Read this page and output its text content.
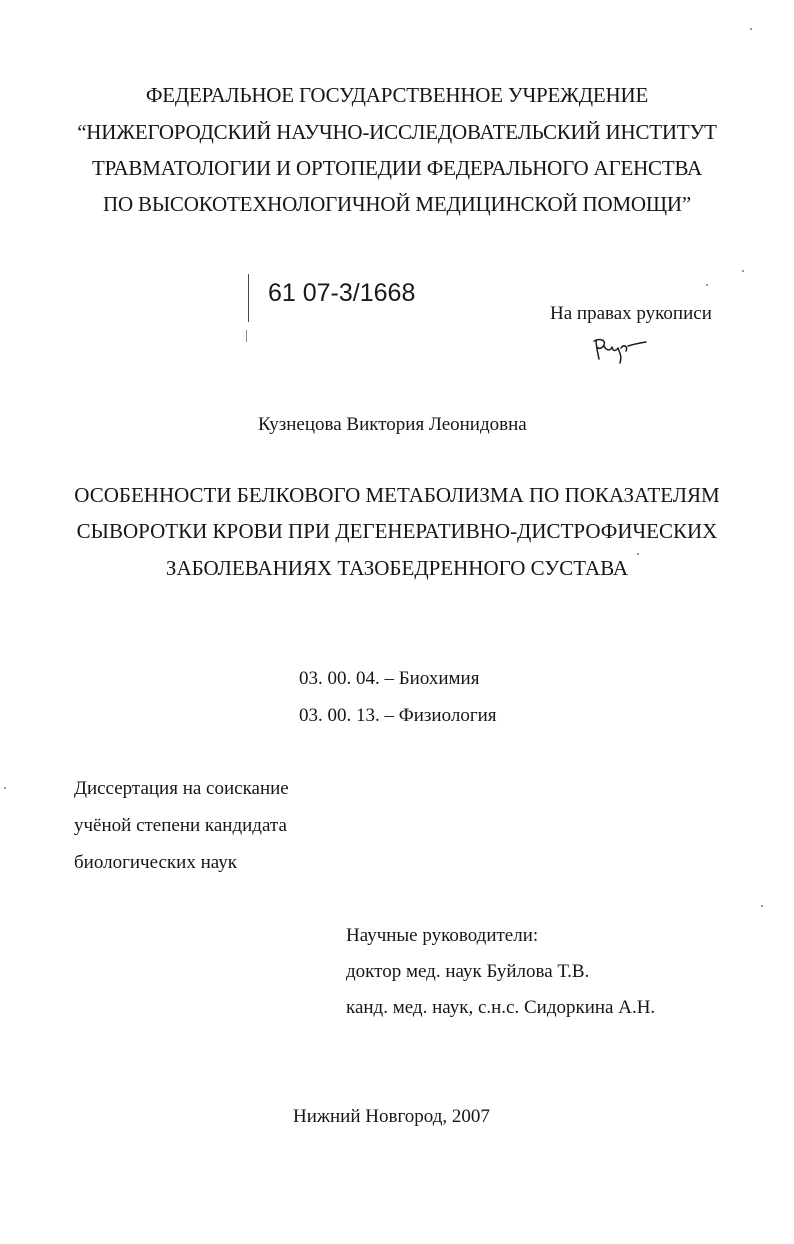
ФЕДЕРАЛЬНОЕ ГОСУДАРСТВЕННОЕ УЧРЕЖДЕНИЕ
“НИЖЕГОРОДСКИЙ НАУЧНО-ИССЛЕДОВАТЕЛЬСКИЙ ИНСТИТУТ
ТРАВМАТОЛОГИИ И ОРТОПЕДИИ ФЕДЕРАЛЬНОГО АГЕНСТВА
ПО ВЫСОКОТЕХНОЛОГИЧНОЙ МЕДИЦИНСКОЙ ПОМОЩИ”
61 07-3/1668
На правах рукописи
Кузнецова Виктория Леонидовна
ОСОБЕННОСТИ БЕЛКОВОГО МЕТАБОЛИЗМА ПО ПОКАЗАТЕЛЯМ
СЫВОРОТКИ КРОВИ ПРИ ДЕГЕНЕРАТИВНО-ДИСТРОФИЧЕСКИХ
ЗАБОЛЕВАНИЯХ ТАЗОБЕДРЕННОГО СУСТАВА
03. 00. 04. – Биохимия
03. 00. 13. – Физиология
Диссертация на соискание
учёной степени кандидата
биологических наук
Научные руководители:
доктор мед. наук Буйлова Т.В.
канд. мед. наук, с.н.с. Сидоркина А.Н.
Нижний Новгород, 2007
